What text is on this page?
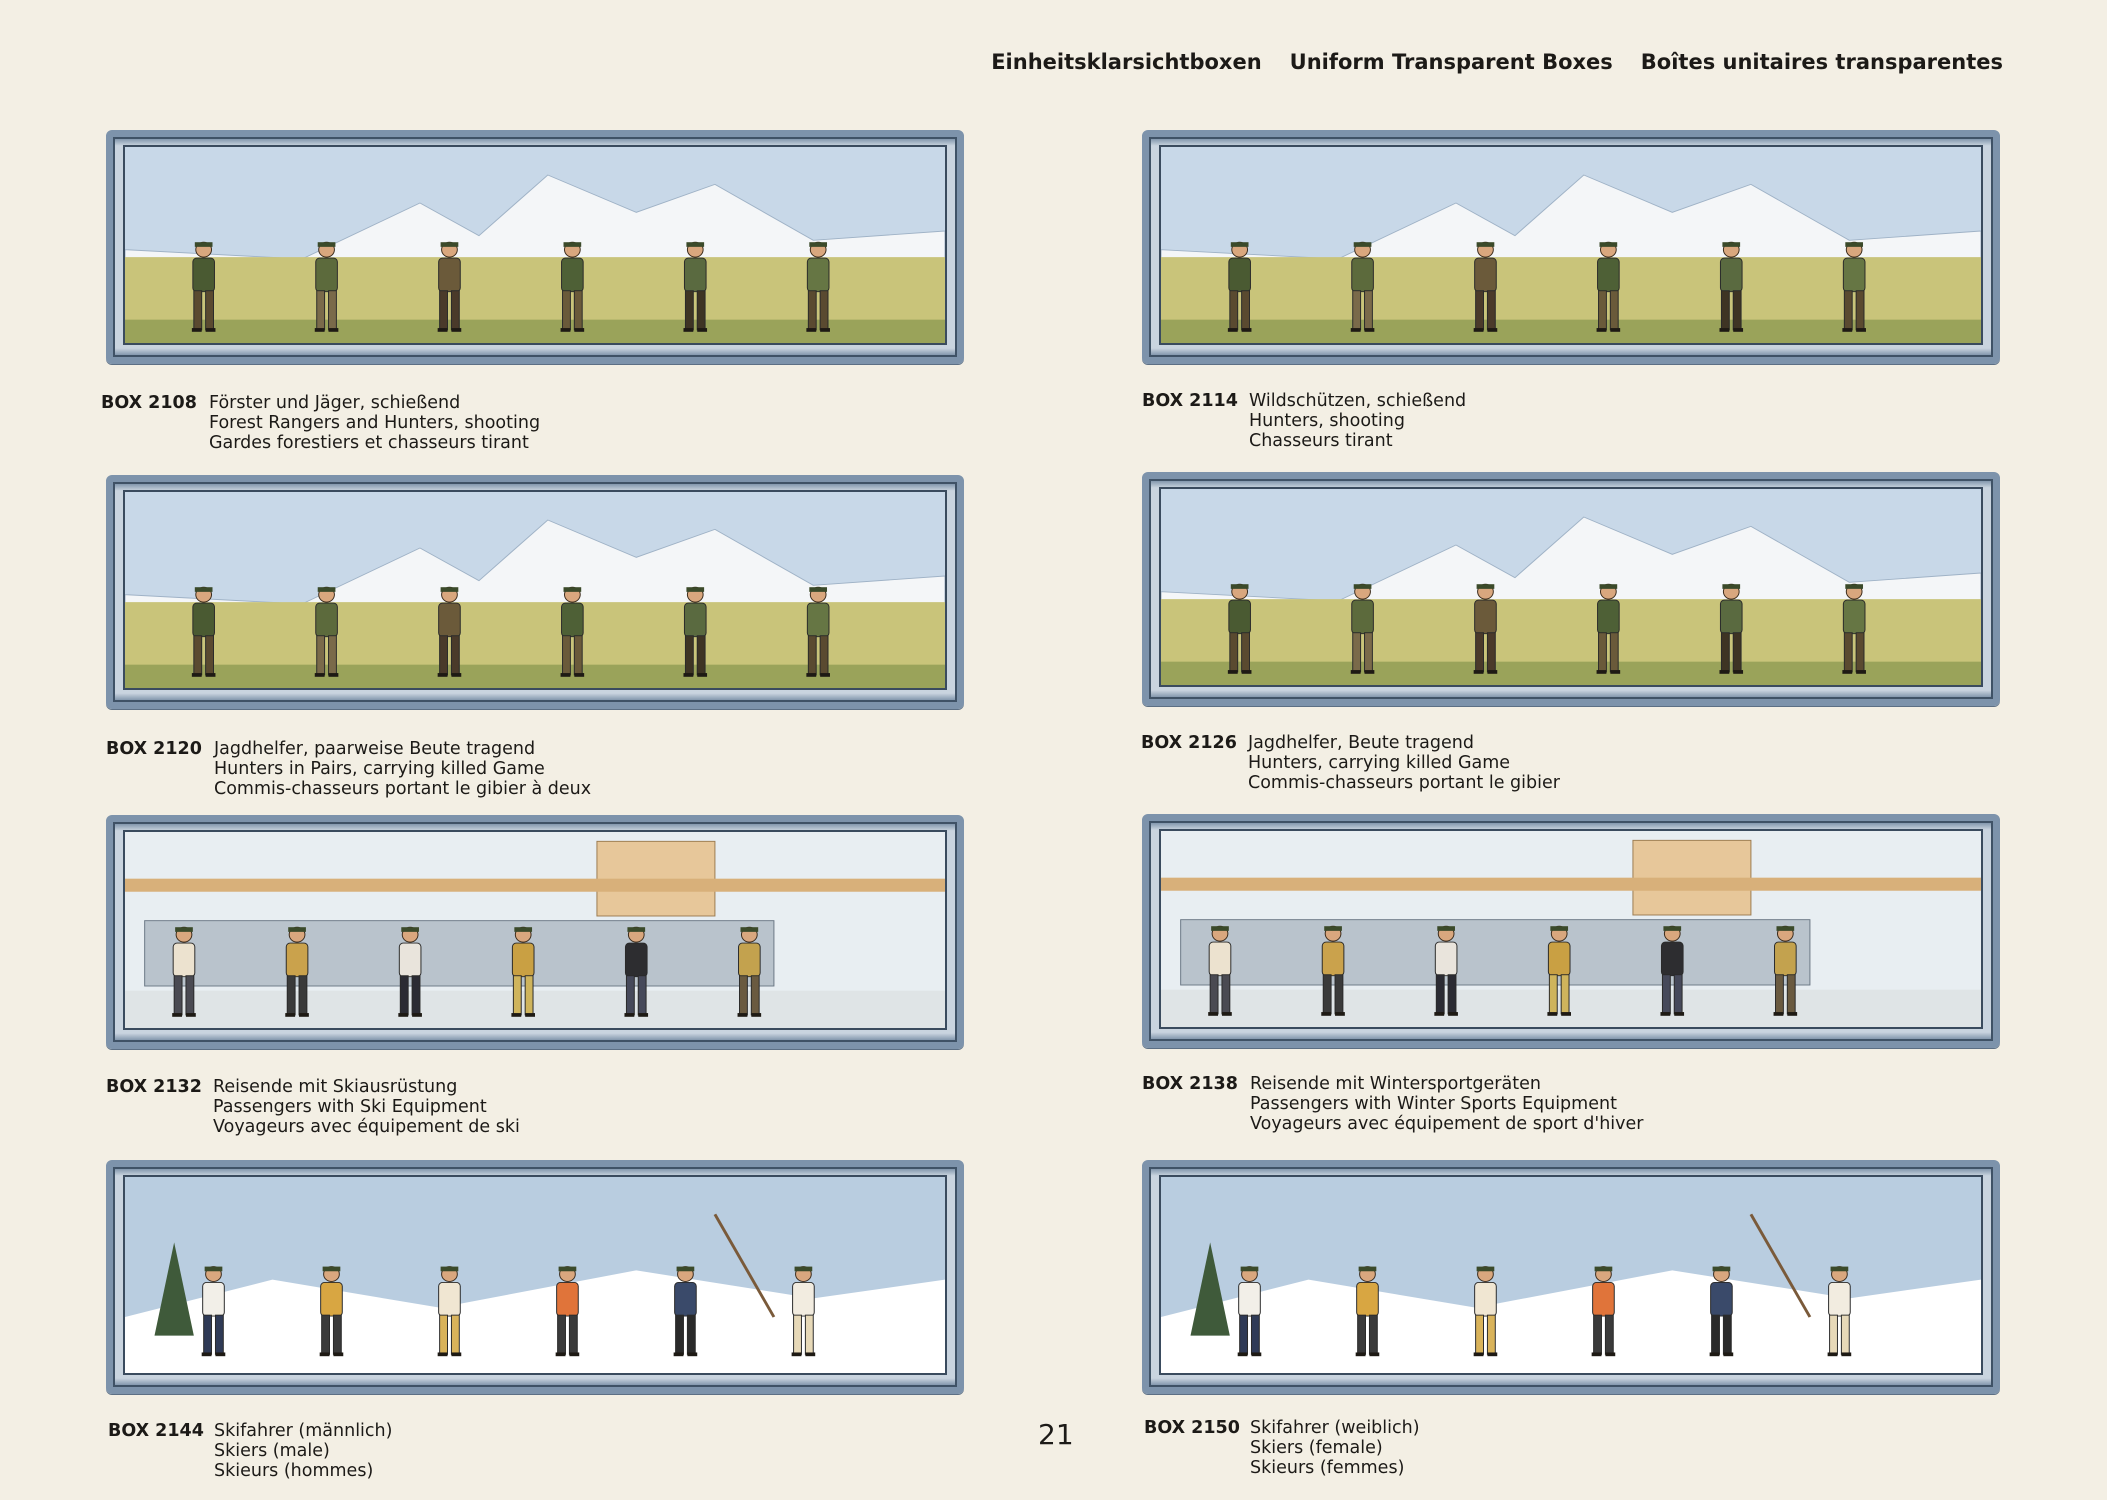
Einheitsklarsichtboxen Uniform Transparent Boxes Boîtes unitaires transparentes
BOX 2108 Förster und Jäger, schießend
Forest Rangers and Hunters, shooting
Gardes forestiers et chasseurs tirant
BOX 2114 Wildschützen, schießend
Hunters, shooting
Chasseurs tirant
BOX 2120 Jagdhelfer, paarweise Beute tragend
Hunters in Pairs, carrying killed Game
Commis-chasseurs portant le gibier à deux
BOX 2126 Jagdhelfer, Beute tragend
Hunters, carrying killed Game
Commis-chasseurs portant le gibier
BOX 2132 Reisende mit Skiausrüstung
Passengers with Ski Equipment
Voyageurs avec équipement de ski
BOX 2138 Reisende mit Wintersportgeräten
Passengers with Winter Sports Equipment
Voyageurs avec équipement de sport d'hiver
BOX 2144 Skifahrer (männlich)
Skiers (male)
Skieurs (hommes)
BOX 2150 Skifahrer (weiblich)
Skiers (female)
Skieurs (femmes)
21
